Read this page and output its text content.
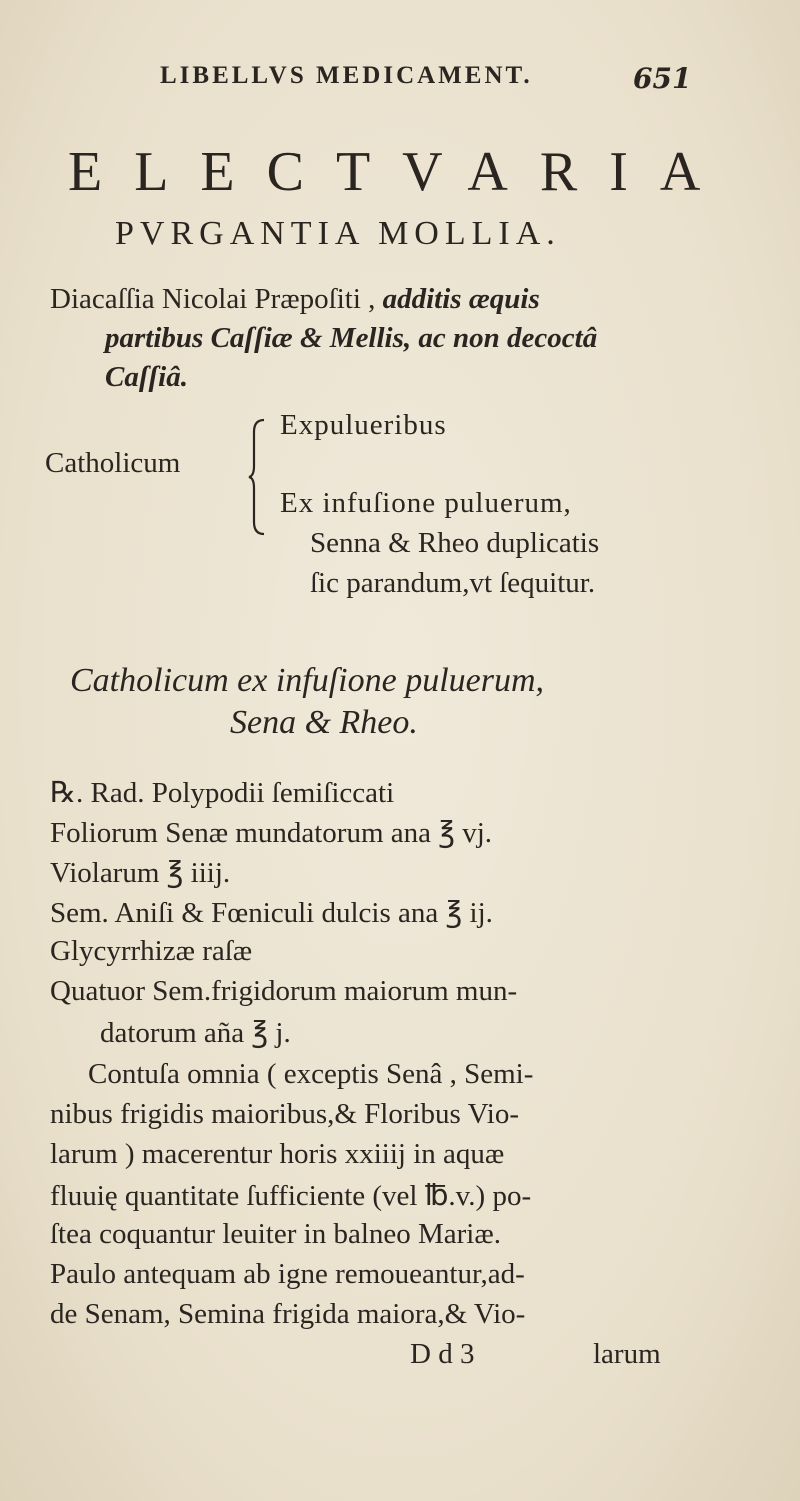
LIBELLVS MEDICAMENT.	651
ELECTVARIA
PVRGANTIA MOLLIA.
Diacaſſia Nicolai Præpoſiti , additis æquis
partibus Caſſiæ & Mellis, ac non decoctâ
Caſſiâ.
Catholicum
Expulueribus
Ex infuſione puluerum,
Senna & Rheo duplicatis
ſic parandum,vt ſequitur.
Catholicum ex infuſione puluerum,
Sena & Rheo.
℞. Rad. Polypodii ſemiſiccati
Foliorum Senæ mundatorum ana ℥ vj.
Violarum ℥ iiij.
Sem. Aniſi & Fœniculi dulcis ana ℥ ij.
Glycyrrhizæ raſæ
Quatuor Sem.frigidorum maiorum mun-
datorum aña ℥ j.
Contuſa omnia ( exceptis Senâ , Semi-
nibus frigidis maioribus,& Floribus Vio-
larum ) macerentur horis xxiiij in aquæ
fluuię quantitate ſufficiente (vel ℔.v.) po-
ſtea coquantur leuiter in balneo Mariæ.
Paulo antequam ab igne remoueantur,ad-
de Senam, Semina frigida maiora,& Vio-
D d 3	larum
